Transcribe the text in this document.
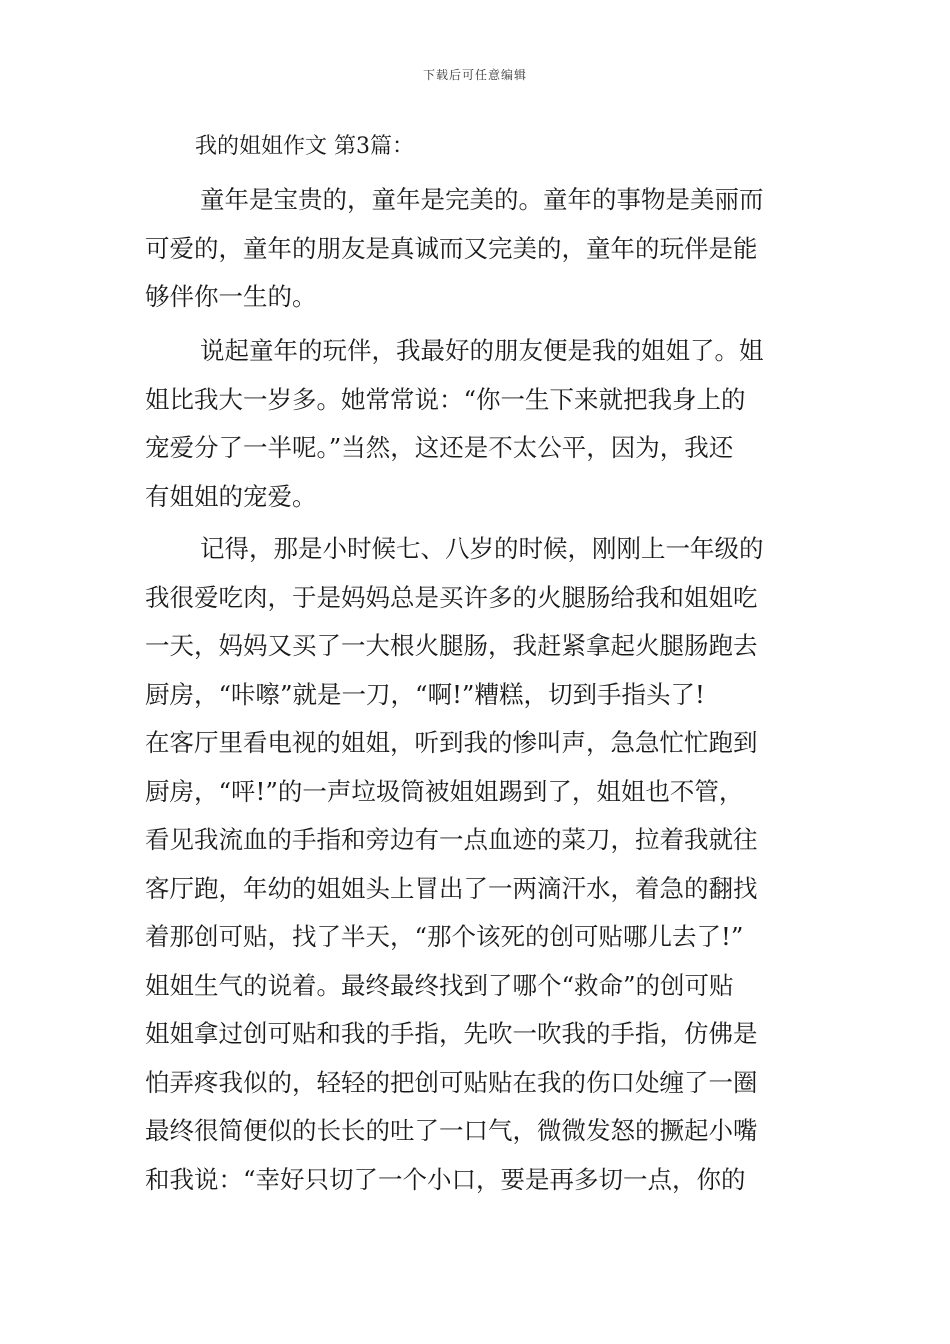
下载后可任意编辑
我的姐姐作文 第3篇：
童年是宝贵的，童年是完美的。童年的事物是美丽而
可爱的，童年的朋友是真诚而又完美的，童年的玩伴是能
够伴你一生的。
说起童年的玩伴，我最好的朋友便是我的姐姐了。姐
姐比我大一岁多。她常常说：“你一生下来就把我身上的
宠爱分了一半呢。”当然，这还是不太公平，因为，我还
有姐姐的宠爱。
记得，那是小时候七、八岁的时候，刚刚上一年级的
我很爱吃肉，于是妈妈总是买许多的火腿肠给我和姐姐吃
一天，妈妈又买了一大根火腿肠，我赶紧拿起火腿肠跑去
厨房，“咔嚓”就是一刀，“啊!”糟糕，切到手指头了!
在客厅里看电视的姐姐，听到我的惨叫声，急急忙忙跑到
厨房，“呯!”的一声垃圾筒被姐姐踢到了，姐姐也不管，
看见我流血的手指和旁边有一点血迹的菜刀，拉着我就往
客厅跑，年幼的姐姐头上冒出了一两滴汗水，着急的翻找
着那创可贴，找了半天，“那个该死的创可贴哪儿去了!”
姐姐生气的说着。最终最终找到了哪个“救命”的创可贴
姐姐拿过创可贴和我的手指，先吹一吹我的手指，仿佛是
怕弄疼我似的，轻轻的把创可贴贴在我的伤口处缠了一圈
最终很简便似的长长的吐了一口气，微微发怒的撅起小嘴
和我说：“幸好只切了一个小口，要是再多切一点，你的
